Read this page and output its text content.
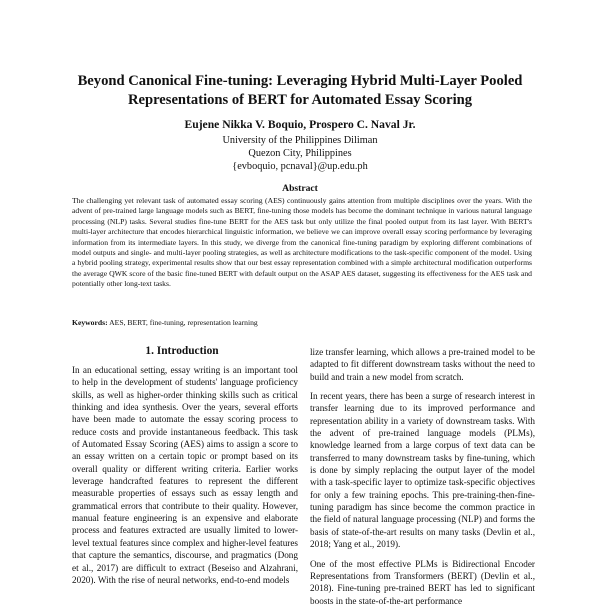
Beyond Canonical Fine-tuning: Leveraging Hybrid Multi-Layer Pooled
Representations of BERT for Automated Essay Scoring

Eujene Nikka V. Boquio, Prospero C. Naval Jr.

University of the Philippines Diliman
Quezon City, Philippines
{evboquio, pcnaval}@up.edu.ph

Abstract

The challenging yet relevant task of automated essay scoring (AES) continuously gains attention from multiple disciplines over the years. With the advent of pre-trained large language models such as BERT, fine-tuning those models has become the dominant technique in various natural language processing (NLP) tasks. Several studies fine-tune BERT for the AES task but only utilize the final pooled output from its last layer. With BERT's multi-layer architecture that encodes hierarchical linguistic information, we believe we can improve overall essay scoring performance by leveraging information from its intermediate layers. In this study, we diverge from the canonical fine-tuning paradigm by exploring different combinations of model outputs and single- and multi-layer pooling strategies, as well as architecture modifications to the task-specific component of the model. Using a hybrid pooling strategy, experimental results show that our best essay representation combined with a simple architectural modification outperforms the average QWK score of the basic fine-tuned BERT with default output on the ASAP AES dataset, suggesting its effectiveness for the AES task and potentially other long-text tasks.

Keywords: AES, BERT, fine-tuning, representation learning

1. Introduction

In an educational setting, essay writing is an important tool to help in the development of students' language proficiency skills, as well as higher-order thinking skills such as critical thinking and idea synthesis. Over the years, several efforts have been made to automate the essay scoring process to reduce costs and provide instantaneous feedback. This task of Automated Essay Scoring (AES) aims to assign a score to an essay written on a certain topic or prompt based on its overall quality or different writing criteria. Earlier works leverage handcrafted features to represent the different measurable properties of essays such as essay length and grammatical errors that contribute to their quality. However, manual feature engineering is an expensive and elaborate process and features extracted are usually limited to lower-level textual features since complex and higher-level features that capture the semantics, discourse, and pragmatics (Dong et al., 2017) are difficult to extract (Beseiso and Alzahrani, 2020). With the rise of neural networks, end-to-end models

lize transfer learning, which allows a pre-trained model to be adapted to fit different downstream tasks without the need to build and train a new model from scratch.

In recent years, there has been a surge of research interest in transfer learning due to its improved performance and representation ability in a variety of downstream tasks. With the advent of pre-trained language models (PLMs), knowledge learned from a large corpus of text data can be transferred to many downstream tasks by fine-tuning, which is done by simply replacing the output layer of the model with a task-specific layer to optimize task-specific objectives for only a few training epochs. This pre-training-then-fine-tuning paradigm has since become the common practice in the field of natural language processing (NLP) and forms the basis of state-of-the-art results on many tasks (Devlin et al., 2018; Yang et al., 2019).

One of the most effective PLMs is Bidirectional Encoder Representations from Transformers (BERT) (Devlin et al., 2018). Fine-tuning pre-trained BERT has led to significant boosts in the state-of-the-art performance
